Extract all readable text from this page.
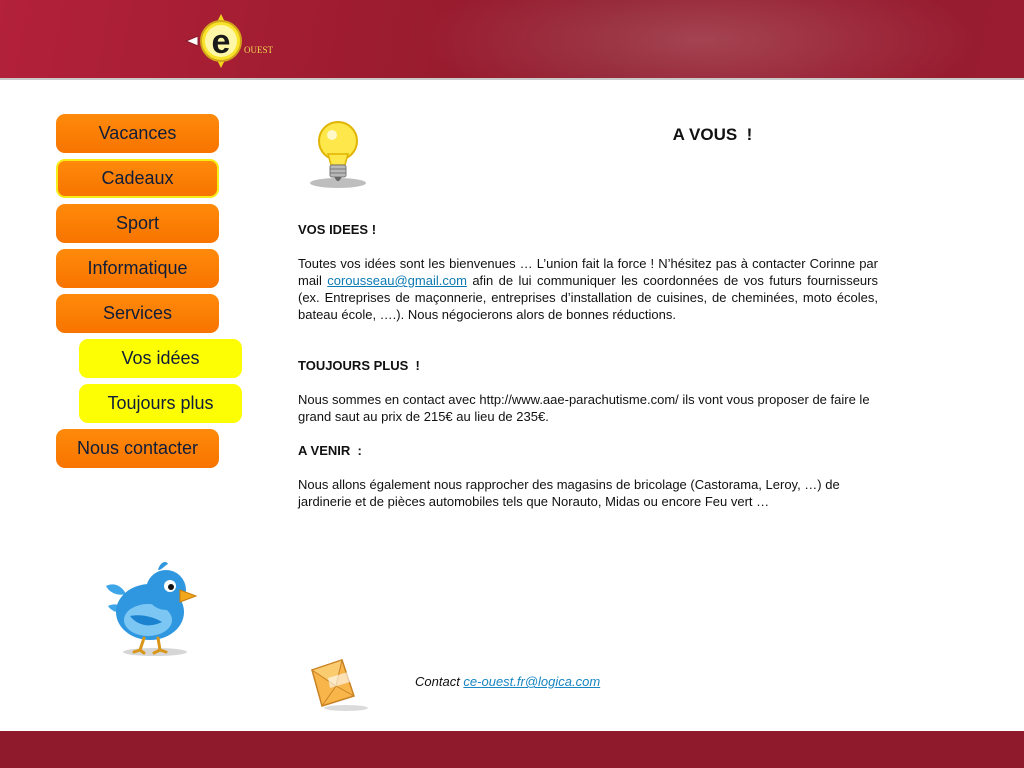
e OUEST
Vacances
Cadeaux
Sport
Informatique
Services
Vos idées
Toujours plus
Nous contacter
A VOUS  !
VOS IDEES !

Toutes vos idées sont les bienvenues … L’union fait la force ! N’hésitez pas à contacter Corinne par mail corousseau@gmail.com afin de lui communiquer les coordonnées de vos futurs fournisseurs (ex. Entreprises de maçonnerie, entreprises d’installation de cuisines, de cheminées, moto écoles, bateau école, ….). Nous négocierons alors de bonnes réductions.

TOUJOURS PLUS  !

Nous sommes en contact avec http://www.aae-parachutisme.com/ ils vont vous proposer de faire le grand saut au prix de 215€ au lieu de 235€.

A VENIR  :

Nous allons également nous rapprocher des magasins de bricolage (Castorama, Leroy, …) de jardinerie et de pièces automobiles tels que Norauto, Midas ou encore Feu vert …

Contact ce-ouest.fr@logica.com
